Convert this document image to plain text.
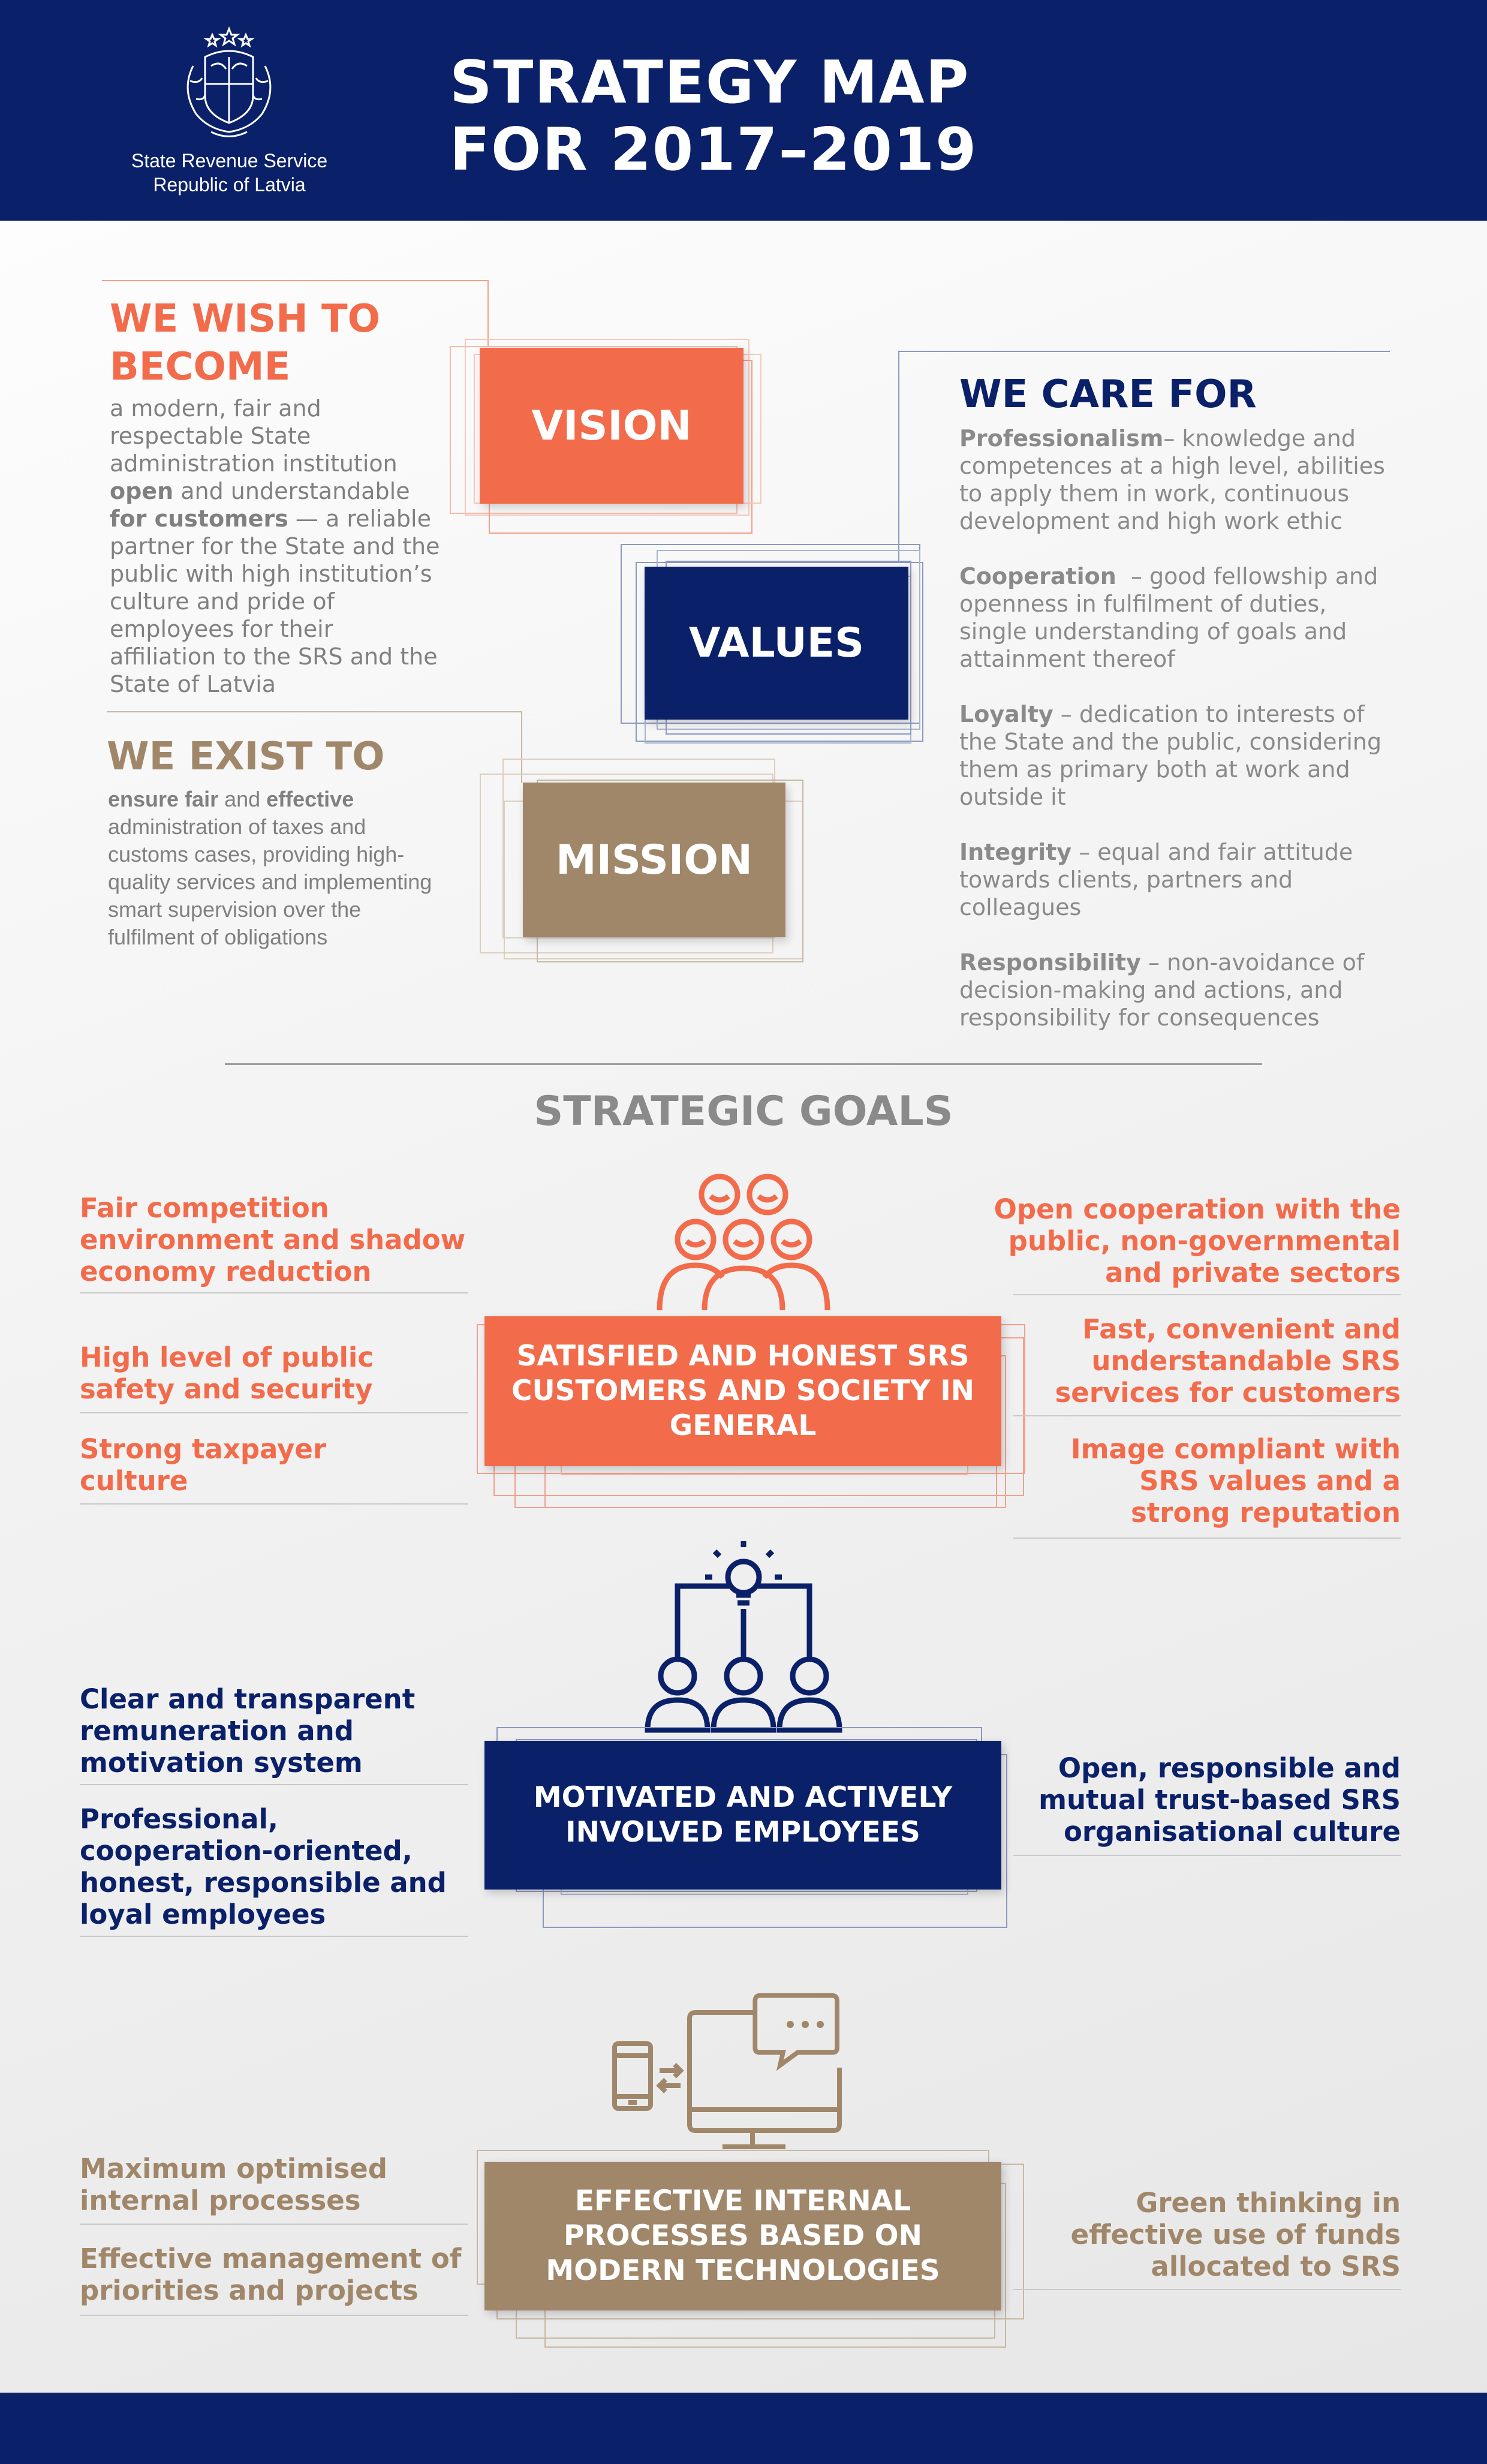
State Revenue Service
Republic of Latvia
STRATEGY MAP
FOR 2017–2019
WE WISH TO
BECOME
a modern, fair and respectable State administration institution open and understandable for customers — a reliable partner for the State and the public with high institution’s culture and pride of employees for their affiliation to the SRS and the State of Latvia
VISION
VALUES
WE CARE FOR
Professionalism– knowledge and competences at a high level, abilities to apply them in work, continuous development and high work ethic
Cooperation  – good fellowship and openness in fulfilment of duties, single understanding of goals and attainment thereof
Loyalty – dedication to interests of the State and the public, considering them as primary both at work and outside it
Integrity – equal and fair attitude towards clients, partners and colleagues
Responsibility – non-avoidance of decision-making and actions, and responsibility for consequences
WE EXIST TO
ensure fair and effective administration of taxes and customs cases, providing high-quality services and implementing smart supervision over the fulfilment of obligations
MISSION
STRATEGIC GOALS
SATISFIED AND HONEST SRS CUSTOMERS AND SOCIETY IN GENERAL
Fair competition environment and shadow economy reduction
High level of public safety and security
Strong taxpayer culture
Open cooperation with the public, non-governmental and private sectors
Fast, convenient and understandable SRS services for customers
Image compliant with SRS values and a strong reputation
MOTIVATED AND ACTIVELY INVOLVED EMPLOYEES
Clear and transparent remuneration and motivation system
Professional, cooperation-oriented, honest, responsible and loyal employees
Open, responsible and mutual trust-based SRS organisational culture
EFFECTIVE INTERNAL PROCESSES BASED ON MODERN TECHNOLOGIES
Maximum optimised internal processes
Effective management of priorities and projects
Green thinking in effective use of funds allocated to SRS
